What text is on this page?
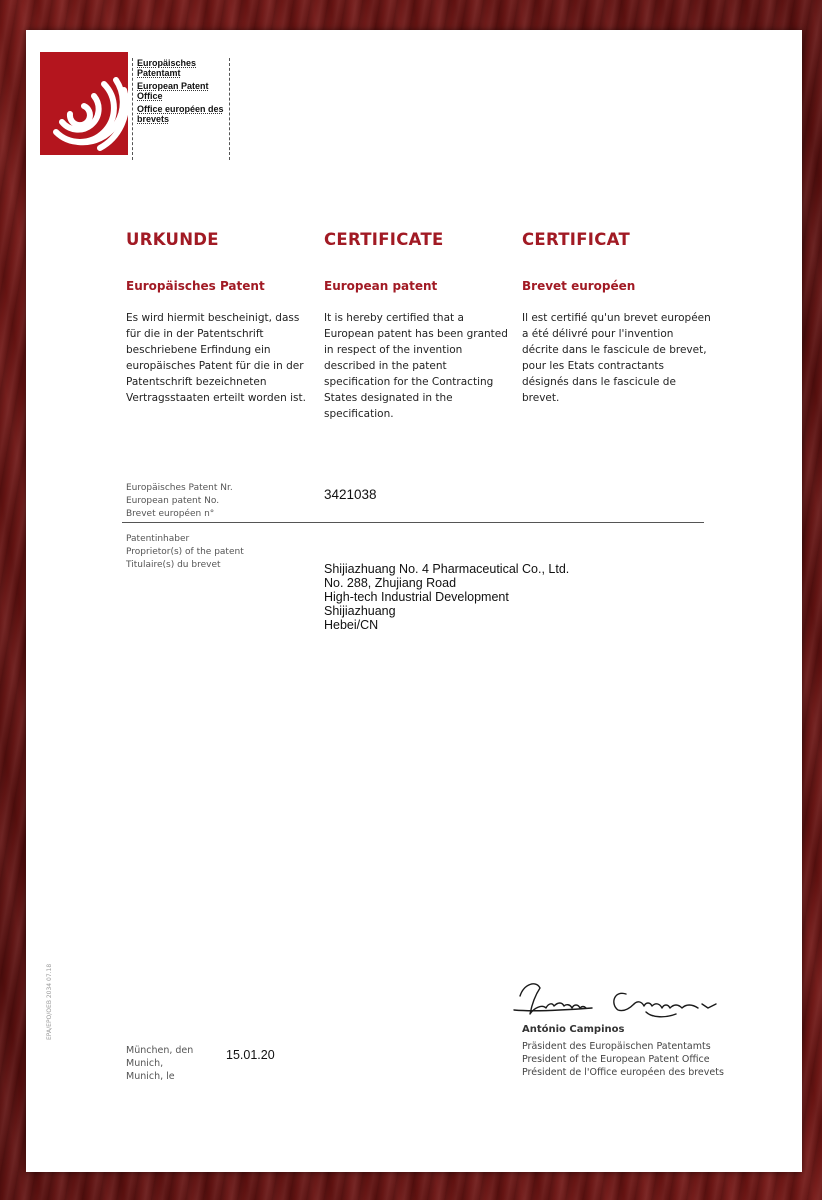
Europäisches Patentamt
European Patent Office
Office européen des brevets
URKUNDE
Europäisches Patent

Es wird hiermit bescheinigt, dass für die in der Patentschrift beschriebene Erfindung ein europäisches Patent für die in der Patentschrift bezeichneten Vertragsstaaten erteilt worden ist.

CERTIFICATE
European patent

It is hereby certified that a European patent has been granted in respect of the invention described in the patent specification for the Contracting States designated in the specification.

CERTIFICAT
Brevet européen

Il est certifié qu'un brevet européen a été délivré pour l'invention décrite dans le fascicule de brevet, pour les Etats contractants désignés dans le fascicule de brevet.

Europäisches Patent Nr.
European patent No.
Brevet européen n°
3421038
Patentinhaber
Proprietor(s) of the patent
Titulaire(s) du brevet	Shijiazhuang No. 4 Pharmaceutical Co., Ltd.
No. 288, Zhujiang Road
High-tech Industrial Development
Shijiazhuang
Hebei/CN
António Campinos
Präsident des Europäischen Patentamts
President of the European Patent Office
Président de l'Office européen des brevets
München, den
Munich,
Munich, le
15.01.20
EPA/EPO/OEB 2034 07.18
